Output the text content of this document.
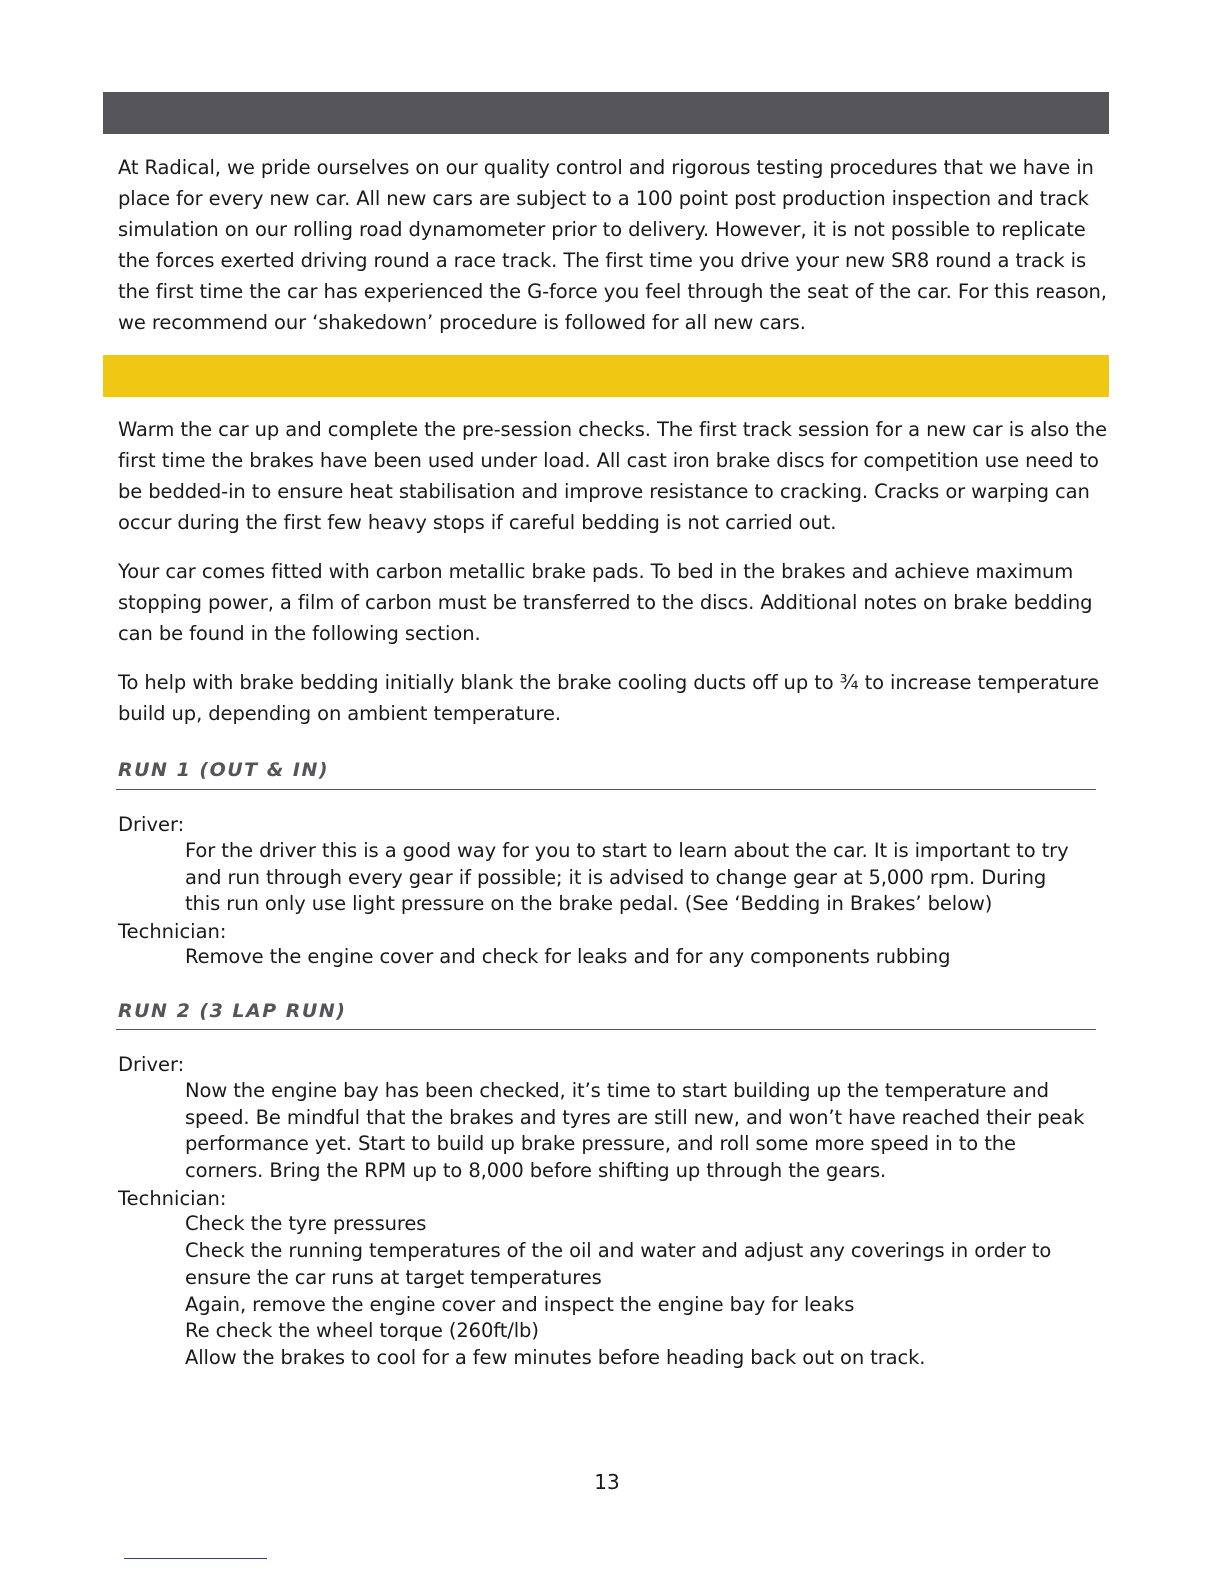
At Radical, we pride ourselves on our quality control and rigorous testing procedures that we have in place for every new car. All new cars are subject to a 100 point post production inspection and track simulation on our rolling road dynamometer prior to delivery. However, it is not possible to replicate the forces exerted driving round a race track. The first time you drive your new SR8 round a track is the first time the car has experienced the G-force you feel through the seat of the car. For this reason, we recommend our ‘shakedown’ procedure is followed for all new cars.

Warm the car up and complete the pre-session checks. The first track session for a new car is also the first time the brakes have been used under load. All cast iron brake discs for competition use need to be bedded-in to ensure heat stabilisation and improve resistance to cracking. Cracks or warping can occur during the first few heavy stops if careful bedding is not carried out.

Your car comes fitted with carbon metallic brake pads. To bed in the brakes and achieve maximum stopping power, a film of carbon must be transferred to the discs. Additional notes on brake bedding can be found in the following section.

To help with brake bedding initially blank the brake cooling ducts off up to ¾ to increase temperature build up, depending on ambient temperature.

RUN 1 (OUT & IN)

Driver:

For the driver this is a good way for you to start to learn about the car. It is important to try and run through every gear if possible; it is advised to change gear at 5,000 rpm. During this run only use light pressure on the brake pedal. (See ‘Bedding in Brakes’ below)

Technician:

Remove the engine cover and check for leaks and for any components rubbing

RUN 2 (3 LAP RUN)

Driver:

Now the engine bay has been checked, it’s time to start building up the temperature and speed. Be mindful that the brakes and tyres are still new, and won’t have reached their peak performance yet. Start to build up brake pressure, and roll some more speed in to the corners. Bring the RPM up to 8,000 before shifting up through the gears.

Technician:

Check the tyre pressures

Check the running temperatures of the oil and water and adjust any coverings in order to ensure the car runs at target temperatures

Again, remove the engine cover and inspect the engine bay for leaks

Re check the wheel torque (260ft/lb)

Allow the brakes to cool for a few minutes before heading back out on track.

13
